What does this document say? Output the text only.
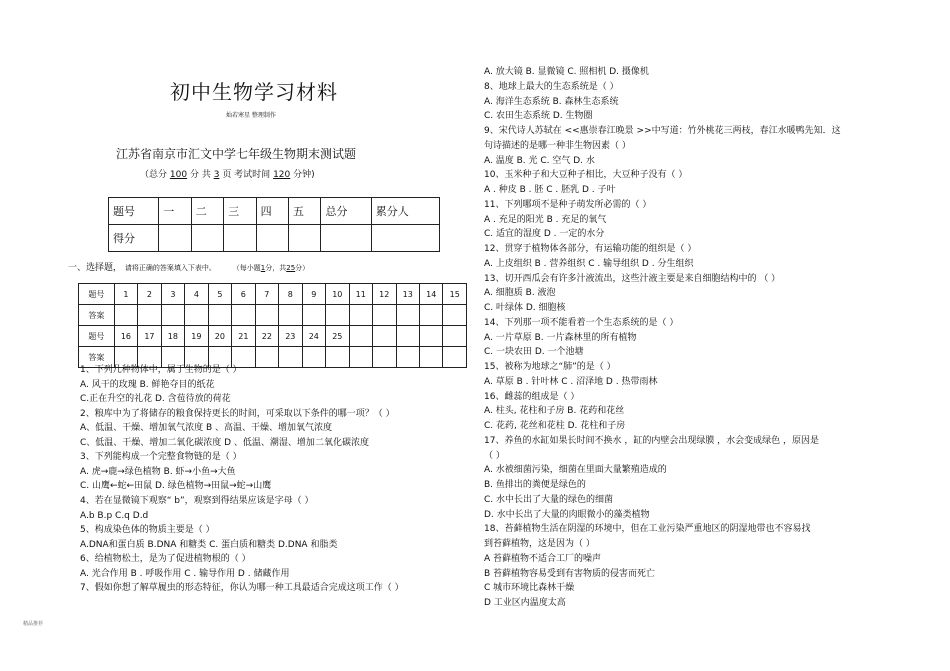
初中生物学习材料
灿若寒星 整理制作
江苏省南京市汇文中学七年级生物期末测试题
（总分 100 分 共 3 页 考试时间 120 分钟)
题号	一	二	三	四	五	总分	累分人
得分							
一、选择题， 请将正确的答案填入下表中。 （每小题1分，共25分）
题号	1	2	3	4	5	6	7	8	9	10	11	12	13	14	15
答案															
题号	16	17	18	19	20	21	22	23	24	25					
答案															
1、下列几种物体中，属于生物的是（ ）
A. 风干的玫瑰 B. 鲜艳夺目的纸花
C.正在升空的礼花 D. 含苞待放的荷花
2、粮库中为了将储存的粮食保持更长的时间，可采取以下条件的哪一项？（ ）
A、低温、干燥、增加氧气浓度 B 、高温、干燥、增加氧气浓度
C、低温、干燥、增加二氧化碳浓度 D 、低温、潮湿、增加二氧化碳浓度
3、下列能构成一个完整食物链的是（ ）
A. 虎→鹿→绿色植物 B. 虾→小鱼→大鱼
C. 山鹰←蛇←田鼠 D. 绿色植物→田鼠→蛇→山鹰
4、若在显微镜下观察“ b”，观察到得结果应该是字母（ ）
A.b B.p C.q D.d
5、构成染色体的物质主要是（ ）
A.DNA和蛋白质 B.DNA 和糖类 C. 蛋白质和糖类 D.DNA 和脂类
6、给植物松土，是为了促进植物根的（ ）
A. 光合作用 B . 呼吸作用 C . 输导作用 D . 储藏作用
7、假如你想了解草履虫的形态特征，你认为哪一种工具最适合完成这项工作（ ）
A. 放大镜 B. 显微镜 C. 照相机 D. 摄像机
8、地球上最大的生态系统是（ ）
A. 海洋生态系统 B. 森林生态系统
C. 农田生态系统 D. 生物圈
9、宋代诗人苏轼在 <<惠崇春江晚景 >>中写道：竹外桃花三两枝，春江水暖鸭先知．这
句诗描述的是哪一种非生物因素（ ）
A. 温度 B. 光 C. 空气 D. 水
10、玉米种子和大豆种子相比，大豆种子没有（ ）
A . 种皮 B . 胚 C . 胚乳 D . 子叶
11、下列哪项不是种子萌发所必需的（ ）
A . 充足的阳光 B . 充足的氧气
C. 适宜的湿度 D . 一定的水分
12、贯穿于植物体各部分，有运输功能的组织是（ ）
A. 上皮组织 B . 营养组织 C . 输导组织 D . 分生组织
13、切开西瓜会有许多汁液流出，这些汁液主要是来自细胞结构中的 （ ）
A. 细胞质 B. 液泡
C. 叶绿体 D. 细胞核
14、下列那一项不能看着一个生态系统的是（ ）
A. 一片草原 B. 一片森林里的所有植物
C. 一块农田 D. 一个池塘
15、被称为地球之“肺”的是（ ）
A. 草原 B . 针叶林 C . 沼泽地 D . 热带雨林
16、雌蕊的组成是（ ）
A. 柱头, 花柱和子房 B. 花药和花丝
C. 花药, 花丝和花柱 D. 花柱和子房
17、养鱼的水缸如果长时间不换水 ，缸的内壁会出现绿膜 ，水会变成绿色 ，原因是
（ ）
A. 水被细菌污染，细菌在里面大量繁殖造成的
B. 鱼排出的粪便是绿色的
C. 水中长出了大量的绿色的细菌
D. 水中长出了大量的肉眼微小的藻类植物
18、苔藓植物生活在阴湿的环境中，但在工业污染严重地区的阴湿地带也不容易找
到苔藓植物，这是因为（ ）
A 苔藓植物不适合工厂的噪声
B 苔藓植物容易受到有害物质的侵害而死亡
C 城市环境比森林干燥
D 工业区内温度太高
精品推荐
